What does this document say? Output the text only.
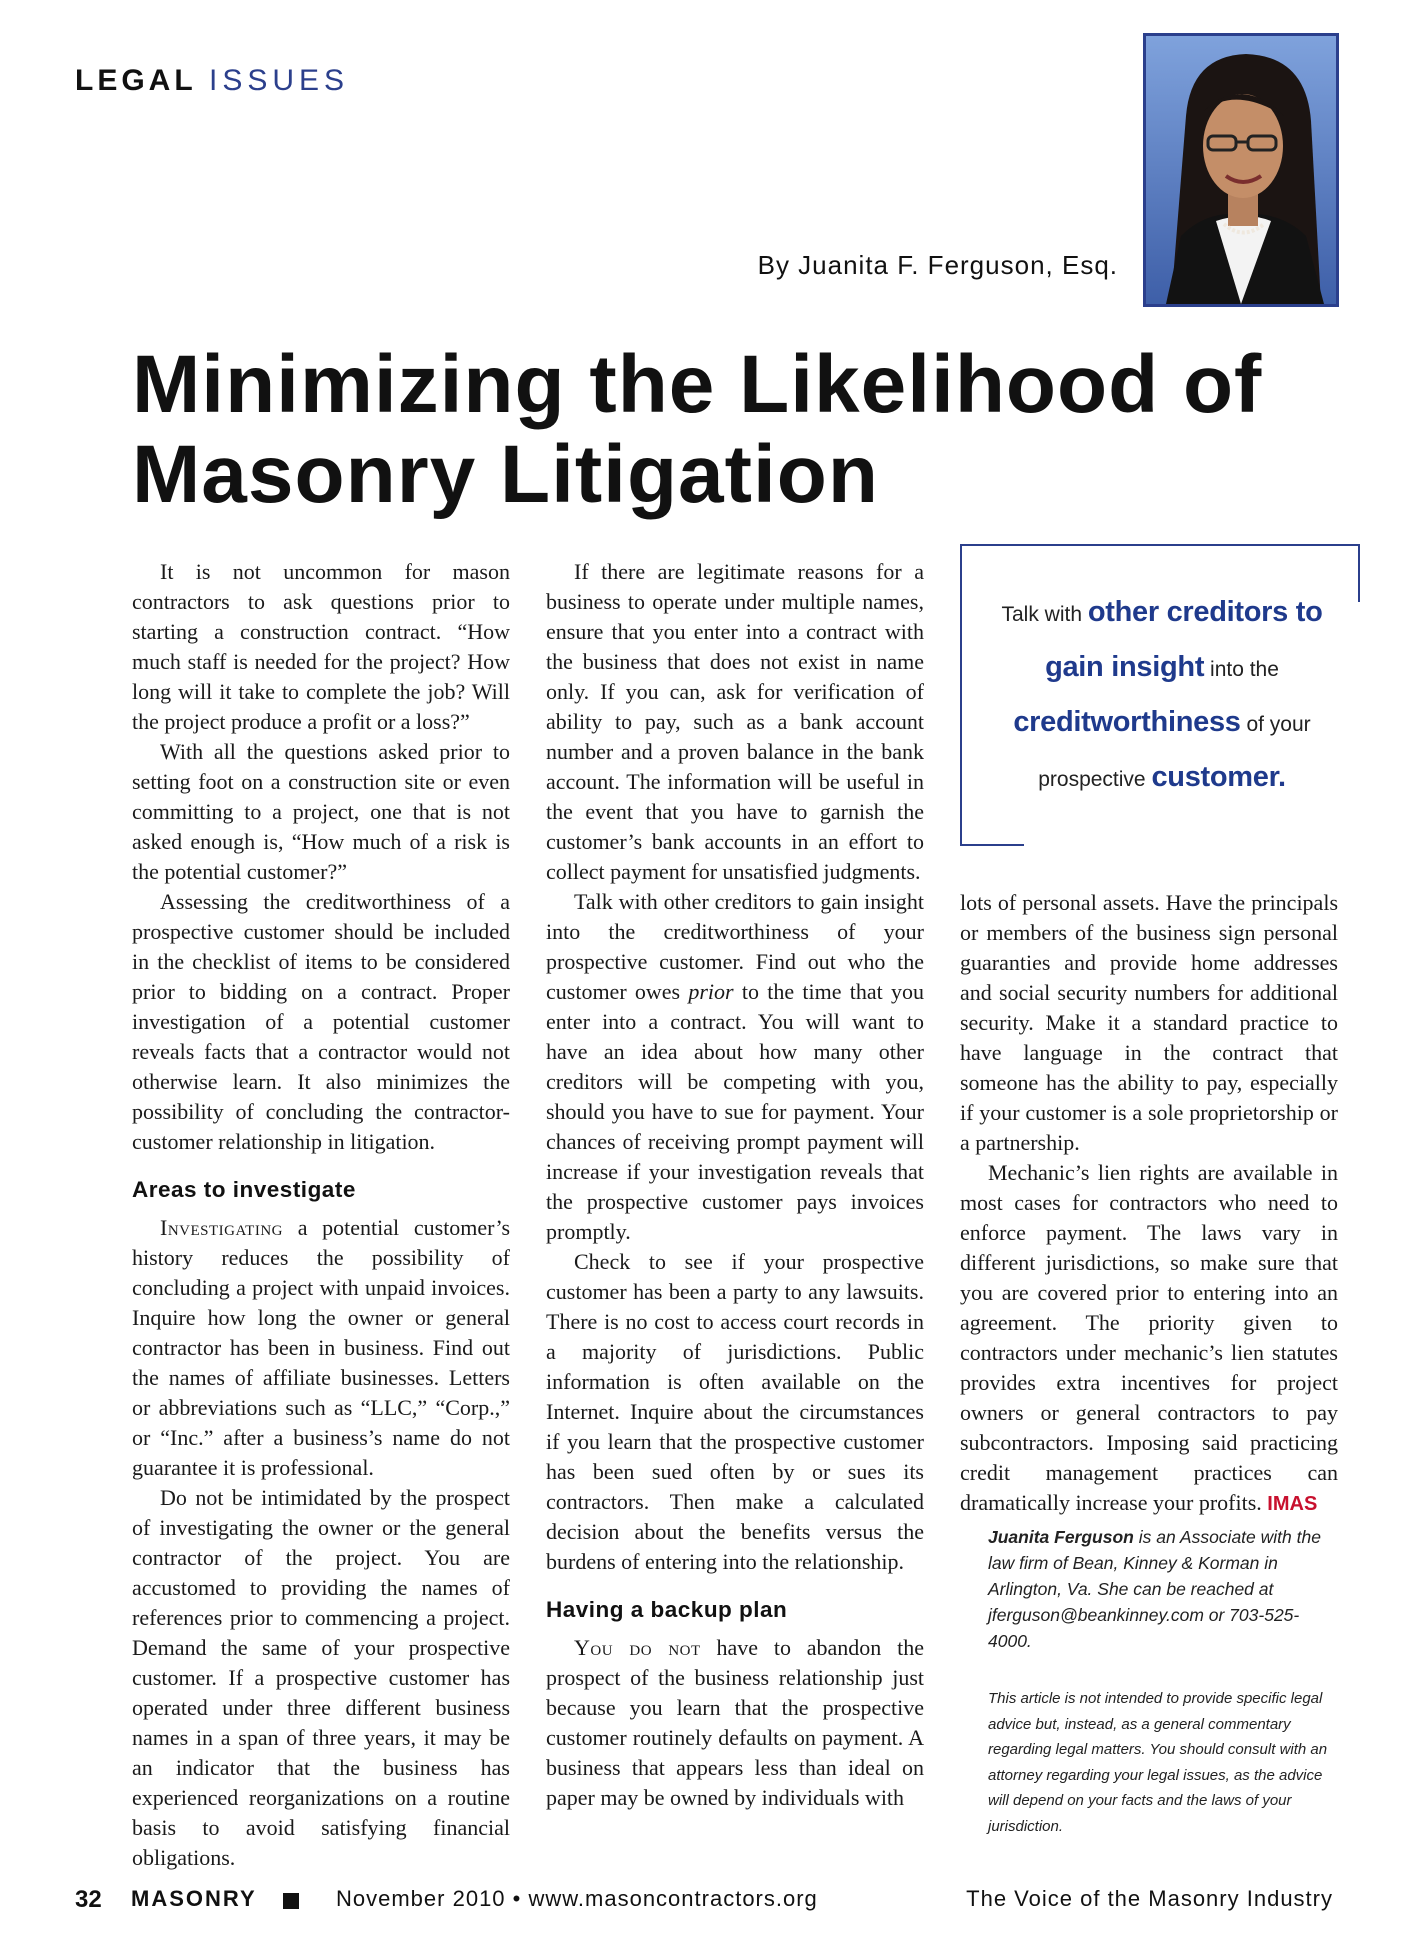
LEGAL ISSUES
By Juanita F. Ferguson, Esq.
Minimizing the Likelihood of
Masonry Litigation

It is not uncommon for mason contractors to ask questions prior to starting a construction contract. “How much staff is needed for the project? How long will it take to complete the job? Will the project produce a profit or a loss?”

With all the questions asked prior to setting foot on a construction site or even committing to a project, one that is not asked enough is, “How much of a risk is the potential customer?”

Assessing the creditworthiness of a prospective customer should be included in the checklist of items to be considered prior to bidding on a contract. Proper investigation of a potential customer reveals facts that a contractor would not otherwise learn. It also minimizes the possibility of concluding the contractor-customer relationship in litigation.

Areas to investigate

Investigating a potential customer’s history reduces the possibility of concluding a project with unpaid invoices. Inquire how long the owner or general contractor has been in business. Find out the names of affiliate businesses. Letters or abbreviations such as “LLC,” “Corp.,” or “Inc.” after a business’s name do not guarantee it is professional.

Do not be intimidated by the prospect of investigating the owner or the general contractor of the project. You are accustomed to providing the names of references prior to commencing a project. Demand the same of your prospective customer. If a prospective customer has operated under three different business names in a span of three years, it may be an indicator that the business has experienced reorganizations on a routine basis to avoid satisfying financial obligations.

If there are legitimate reasons for a business to operate under multiple names, ensure that you enter into a contract with the business that does not exist in name only. If you can, ask for verification of ability to pay, such as a bank account number and a proven balance in the bank account. The information will be useful in the event that you have to garnish the customer’s bank accounts in an effort to collect payment for unsatisfied judgments.

Talk with other creditors to gain insight into the creditworthiness of your prospective customer. Find out who the customer owes prior to the time that you enter into a contract. You will want to have an idea about how many other creditors will be competing with you, should you have to sue for payment. Your chances of receiving prompt payment will increase if your investigation reveals that the prospective customer pays invoices promptly.

Check to see if your prospective customer has been a party to any lawsuits. There is no cost to access court records in a majority of jurisdictions. Public information is often available on the Internet. Inquire about the circumstances if you learn that the prospective customer has been sued often by or sues its contractors. Then make a calculated decision about the benefits versus the burdens of entering into the relationship.

Having a backup plan

You do not have to abandon the prospect of the business relationship just because you learn that the prospective customer routinely defaults on payment. A business that appears less than ideal on paper may be owned by individuals with

Talk with other creditors to
gain insight into the
creditworthiness of your
prospective customer.

lots of personal assets. Have the principals or members of the business sign personal guaranties and provide home addresses and social security numbers for additional security. Make it a standard practice to have language in the contract that someone has the ability to pay, especially if your customer is a sole proprietorship or a partnership.

Mechanic’s lien rights are available in most cases for contractors who need to enforce payment. The laws vary in different jurisdictions, so make sure that you are covered prior to entering into an agreement. The priority given to contractors under mechanic’s lien statutes provides extra incentives for project owners or general contractors to pay subcontractors. Imposing said practicing credit management practices can dramatically increase your profits. IMAS

Juanita Ferguson is an Associate with the law firm of Bean, Kinney & Korman in Arlington, Va. She can be reached at jferguson@beankinney.com or 703-525-4000.
This article is not intended to provide specific legal advice but, instead, as a general commentary regarding legal matters. You should consult with an attorney regarding your legal issues, as the advice will depend on your facts and the laws of your jurisdiction.
32 MASONRY	November 2010 • www.masoncontractors.org	The Voice of the Masonry Industry
